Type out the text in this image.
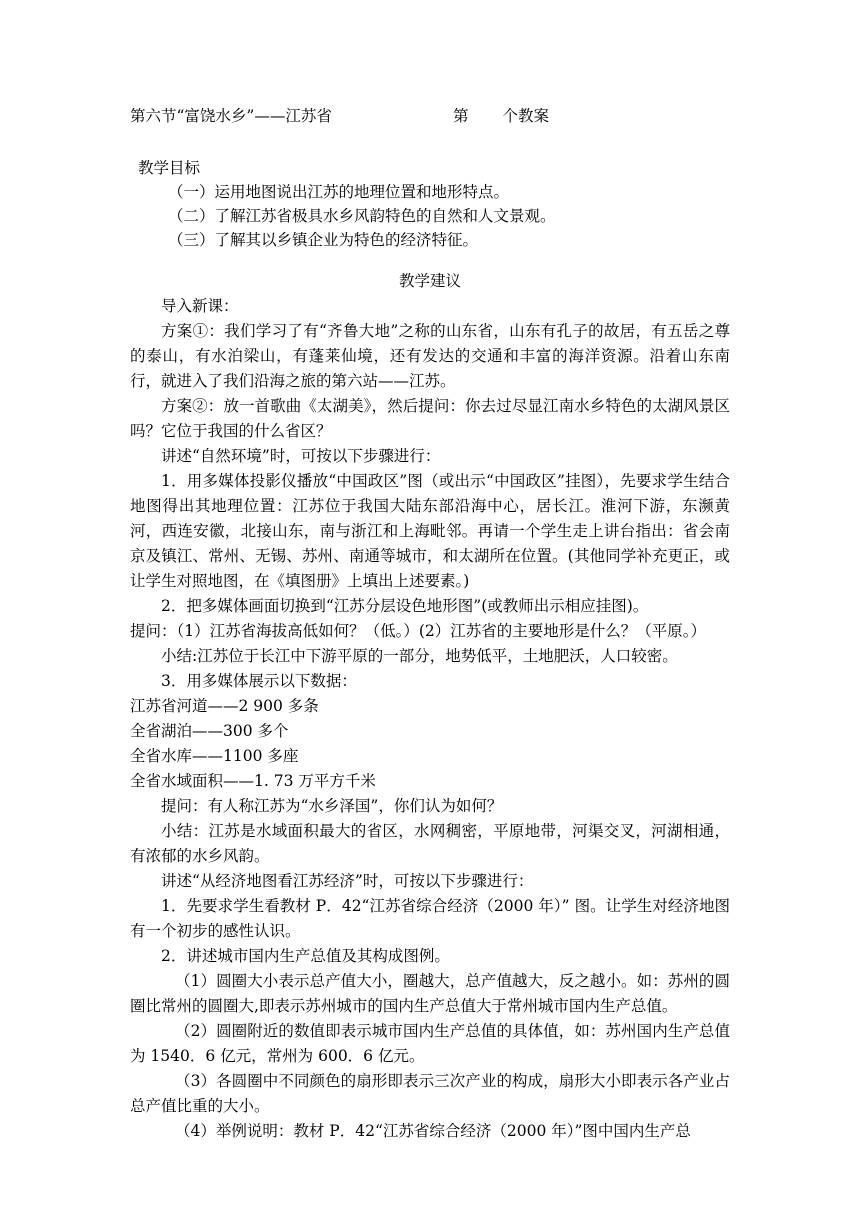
第六节“富饶水乡”——江苏省	第 个教案
教学目标
（一）运用地图说出江苏的地理位置和地形特点。
（二）了解江苏省极具水乡风韵特色的自然和人文景观。
（三）了解其以乡镇企业为特色的经济特征。
教学建议

导入新课：

方案①：我们学习了有“齐鲁大地”之称的山东省，山东有孔子的故居，有五岳之尊的泰山，有水泊梁山，有蓬莱仙境，还有发达的交通和丰富的海洋资源。沿着山东南行，就进入了我们沿海之旅的第六站——江苏。

方案②：放一首歌曲《太湖美》，然后提问：你去过尽显江南水乡特色的太湖风景区吗？它位于我国的什么省区？

讲述“自然环境”时，可按以下步骤进行：

1．用多媒体投影仪播放“中国政区”图（或出示“中国政区”挂图），先要求学生结合地图得出其地理位置：江苏位于我国大陆东部沿海中心，居长江。淮河下游，东濒黄河，西连安徽，北接山东，南与浙江和上海毗邻。再请一个学生走上讲台指出：省会南京及镇江、常州、无锡、苏州、南通等城市，和太湖所在位置。(其他同学补充更正，或让学生对照地图，在《填图册》上填出上述要素。)

2．把多媒体画面切换到“江苏分层设色地形图”(或教师出示相应挂图)。

提问：（1）江苏省海拔高低如何？（低。）(2）江苏省的主要地形是什么？（平原。）

小结:江苏位于长江中下游平原的一部分，地势低平，土地肥沃，人口较密。

3．用多媒体展示以下数据：

江苏省河道——2 900 多条

全省湖泊——300 多个

全省水库——1100 多座

全省水域面积——1. 73 万平方千米

提问：有人称江苏为“水乡泽国”，你们认为如何？

小结：江苏是水域面积最大的省区，水网稠密，平原地带，河渠交叉，河湖相通，有浓郁的水乡风韵。

讲述“从经济地图看江苏经济”时，可按以下步骤进行：

1．先要求学生看教材 P．42“江苏省综合经济（2000 年）” 图。让学生对经济地图有一个初步的感性认识。

2．讲述城市国内生产总值及其构成图例。

（1）圆圈大小表示总产值大小，圈越大，总产值越大，反之越小。如：苏州的圆圈比常州的圆圈大,即表示苏州城市的国内生产总值大于常州城市国内生产总值。

（2）圆圈附近的数值即表示城市国内生产总值的具体值，如：苏州国内生产总值为 1540．6 亿元，常州为 600．6 亿元。

（3）各圆圈中不同颜色的扇形即表示三次产业的构成，扇形大小即表示各产业占总产值比重的大小。

（4）举例说明：教材 P．42“江苏省综合经济（2000 年）”图中国内生产总
